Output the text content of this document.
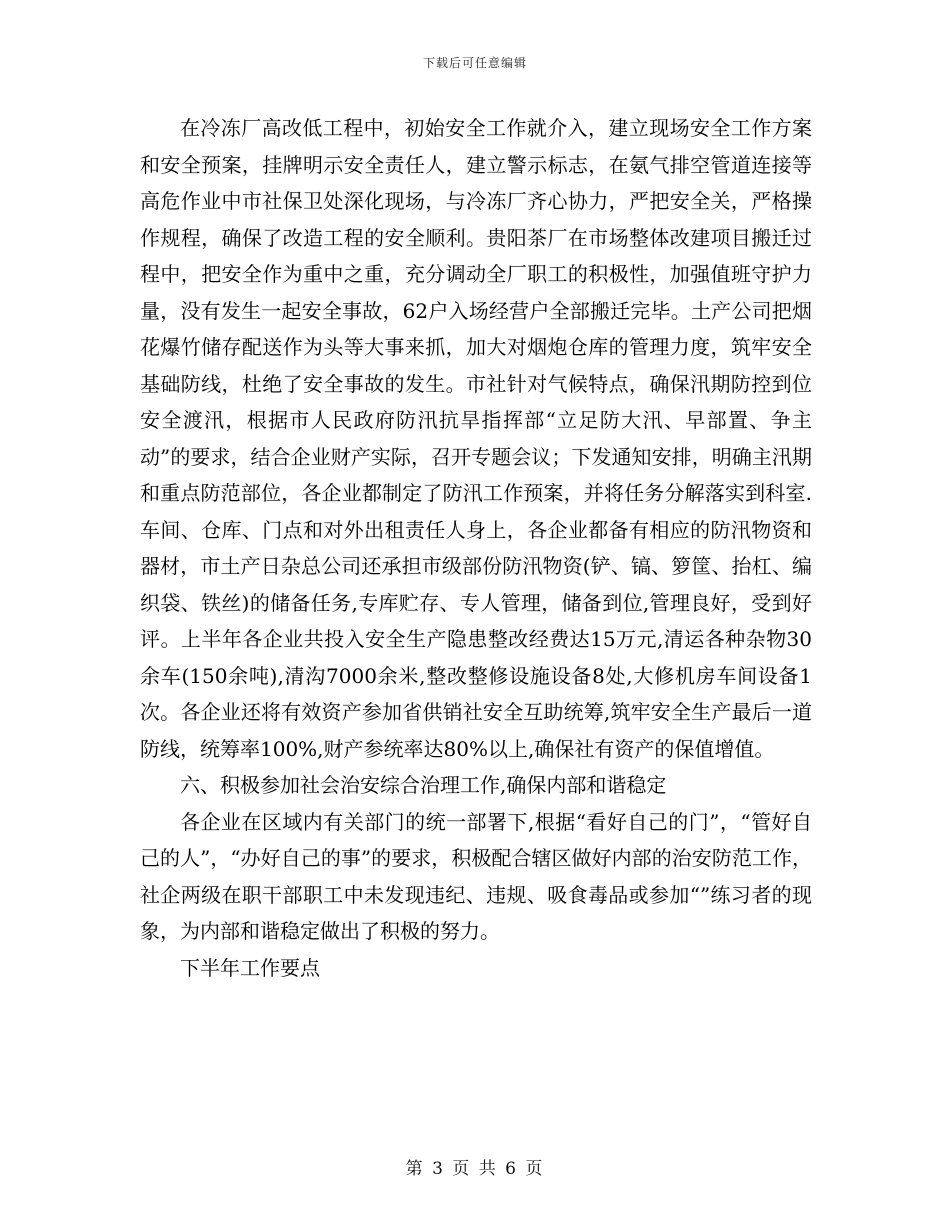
下载后可任意编辑

在冷冻厂高改低工程中，初始安全工作就介入，建立现场安全工作方案和安全预案，挂牌明示安全责任人，建立警示标志，在氨气排空管道连接等高危作业中市社保卫处深化现场，与冷冻厂齐心协力，严把安全关，严格操作规程，确保了改造工程的安全顺利。贵阳茶厂在市场整体改建项目搬迁过程中，把安全作为重中之重，充分调动全厂职工的积极性，加强值班守护力量，没有发生一起安全事故，62户入场经营户全部搬迁完毕。土产公司把烟花爆竹储存配送作为头等大事来抓，加大对烟炮仓库的管理力度，筑牢安全基础防线，杜绝了安全事故的发生。市社针对气候特点，确保汛期防控到位安全渡汛，根据市人民政府防汛抗旱指挥部“立足防大汛、早部置、争主动”的要求，结合企业财产实际，召开专题会议；下发通知安排，明确主汛期和重点防范部位，各企业都制定了防汛工作预案，并将任务分解落实到科室.车间、仓库、门点和对外出租责任人身上，各企业都备有相应的防汛物资和器材，市土产日杂总公司还承担市级部份防汛物资(铲、镐、箩筐、抬杠、编织袋、铁丝)的储备任务,专库贮存、专人管理，储备到位,管理良好，受到好评。上半年各企业共投入安全生产隐患整改经费达15万元,清运各种杂物30余车(150余吨),清沟7000余米,整改整修设施设备8处,大修机房车间设备1次。各企业还将有效资产参加省供销社安全互助统筹,筑牢安全生产最后一道防线，统筹率100%,财产参统率达80%以上,确保社有资产的保值增值。

六、积极参加社会治安综合治理工作,确保内部和谐稳定

各企业在区域内有关部门的统一部署下,根据“看好自己的门”，“管好自己的人”，“办好自己的事”的要求，积极配合辖区做好内部的治安防范工作，社企两级在职干部职工中未发现违纪、违规、吸食毒品或参加“”练习者的现象，为内部和谐稳定做出了积极的努力。

下半年工作要点

第 3 页 共 6 页
